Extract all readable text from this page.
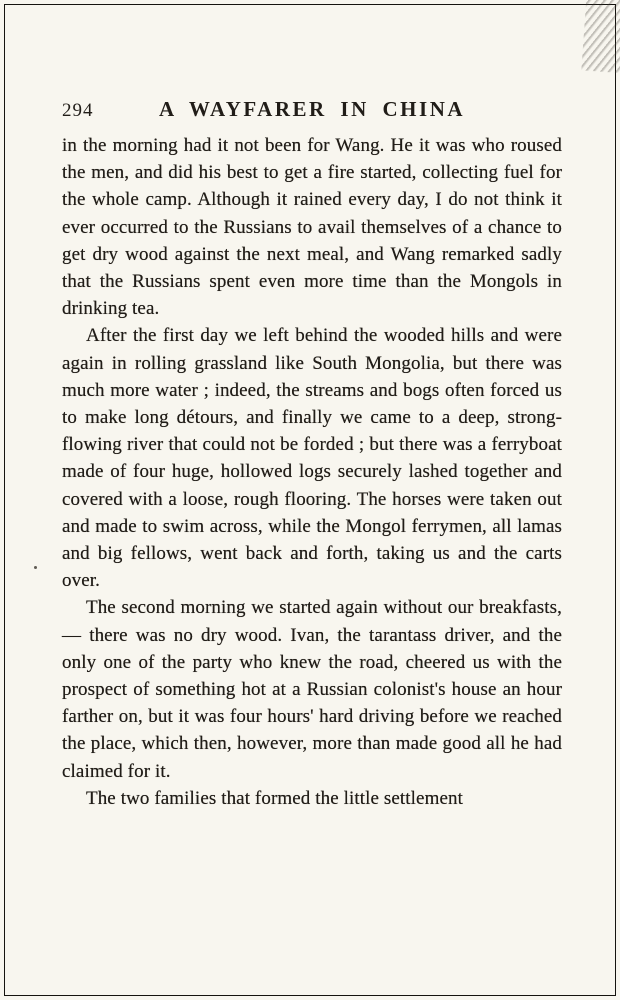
294	A WAYFARER IN CHINA

in the morning had it not been for Wang. He it was who roused the men, and did his best to get a fire started, collecting fuel for the whole camp. Although it rained every day, I do not think it ever occurred to the Russians to avail themselves of a chance to get dry wood against the next meal, and Wang remarked sadly that the Russians spent even more time than the Mongols in drinking tea.

After the first day we left behind the wooded hills and were again in rolling grassland like South Mongolia, but there was much more water ; indeed, the streams and bogs often forced us to make long détours, and finally we came to a deep, strong-flowing river that could not be forded ; but there was a ferryboat made of four huge, hollowed logs securely lashed together and covered with a loose, rough flooring. The horses were taken out and made to swim across, while the Mongol ferrymen, all lamas and big fellows, went back and forth, taking us and the carts over.

The second morning we started again without our breakfasts, — there was no dry wood. Ivan, the tarantass driver, and the only one of the party who knew the road, cheered us with the prospect of something hot at a Russian colonist's house an hour farther on, but it was four hours' hard driving before we reached the place, which then, however, more than made good all he had claimed for it.

The two families that formed the little settlement
